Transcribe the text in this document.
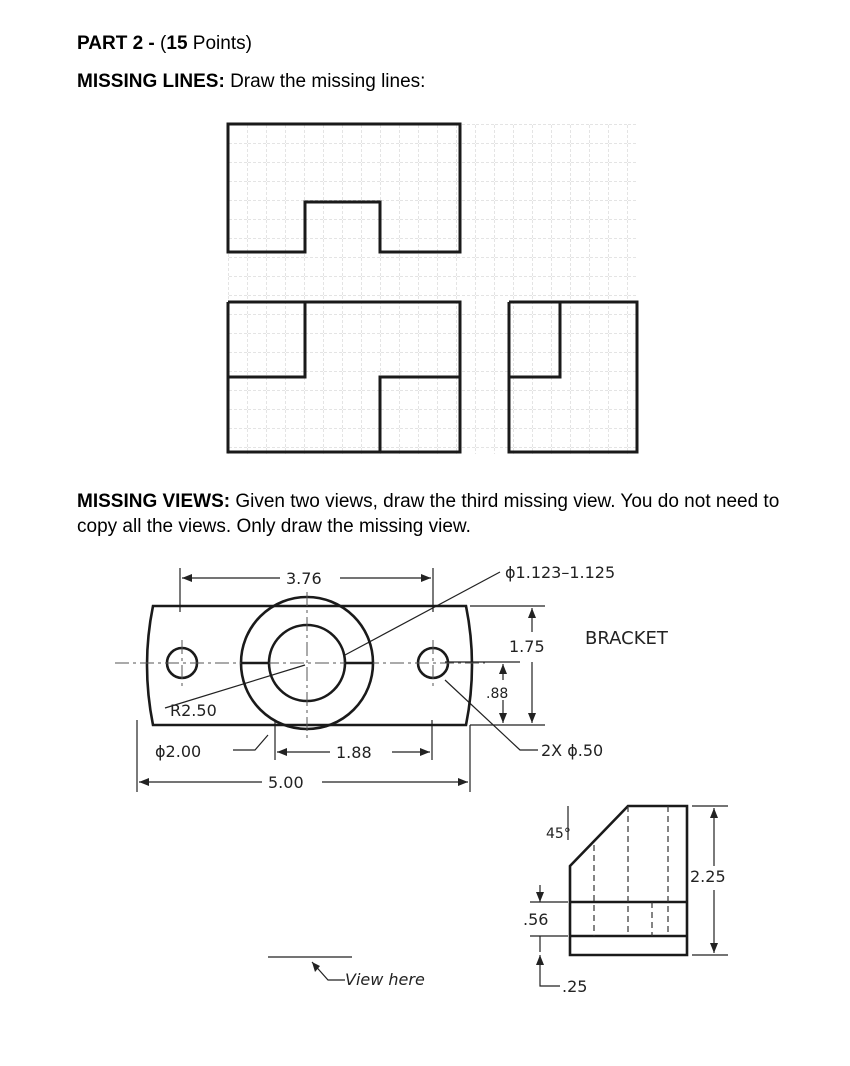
PART 2 - (15 Points)
MISSING LINES: Draw the missing lines:
MISSING VIEWS: Given two views, draw the third missing view. You do not need to copy all the views. Only draw the missing view.
3.76	ϕ1.123–1.125
1.75 BRACKET
R2.50
.88
ϕ2.00	1.88	2X ϕ.50
5.00
45°
2.25
.56
.25
View here
